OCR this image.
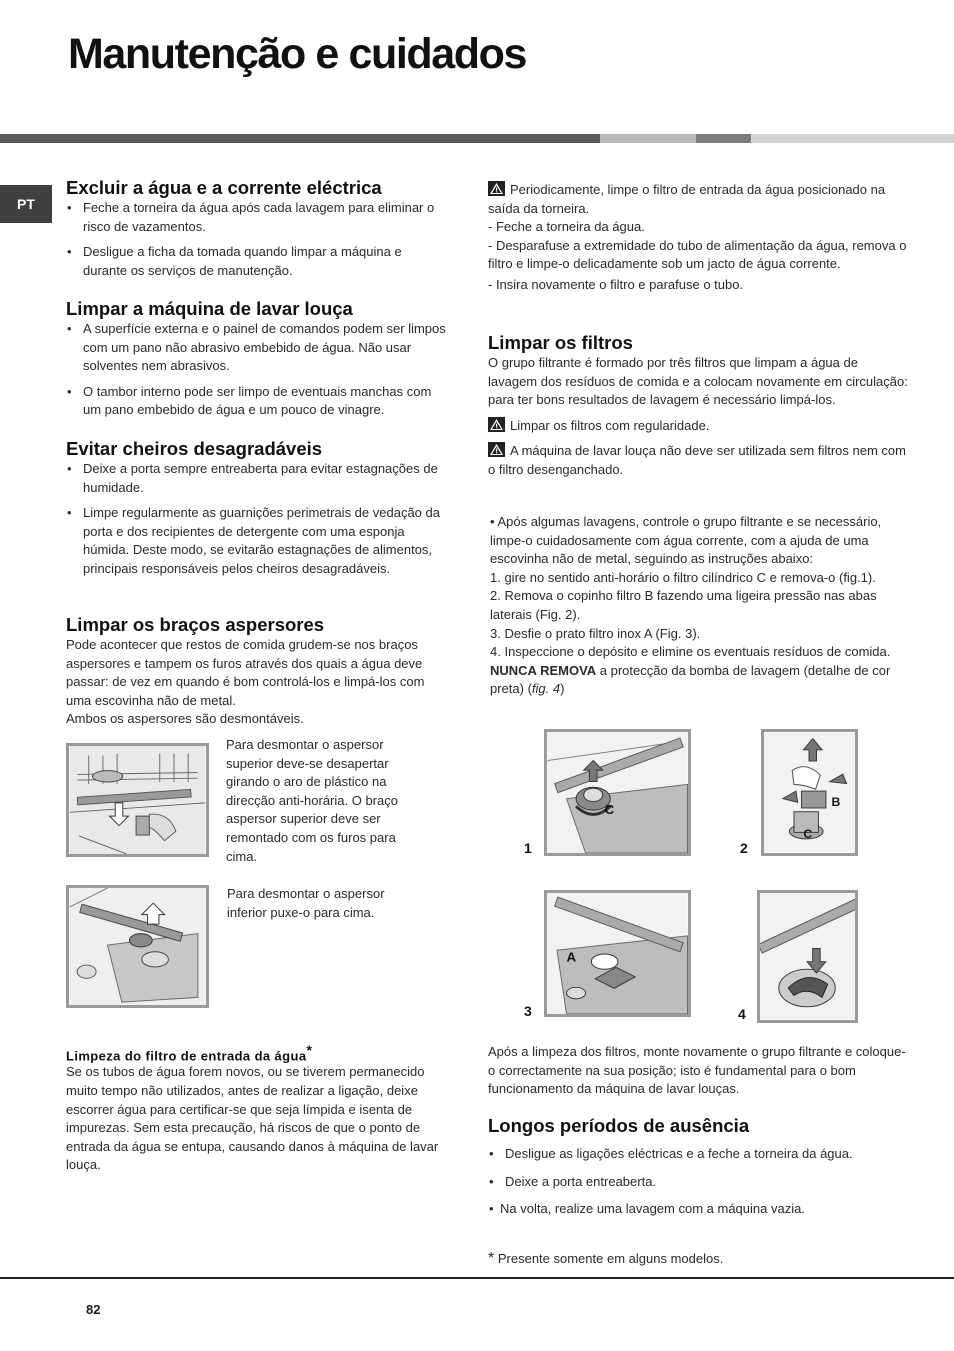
Manutenção e cuidados
PT
Excluir a água e a corrente eléctrica
• Feche a torneira da água após cada lavagem para eliminar o risco de vazamentos.
• Desligue a ficha da tomada quando limpar a máquina e durante os serviços de manutenção.
Limpar a máquina de lavar louça
• A superfície externa e o painel de comandos podem ser limpos com um pano não abrasivo embebido de água. Não usar solventes nem abrasivos.
• O tambor interno pode ser limpo de eventuais manchas com um pano embebido de água e um pouco de vinagre.
Evitar cheiros desagradáveis
• Deixe a porta sempre entreaberta para evitar estagnações de humidade.
• Limpe regularmente as guarnições perimetrais de vedação da porta e dos recipientes de detergente com uma esponja húmida. Deste modo, se evitarão estagnações de alimentos, principais responsáveis pelos cheiros desagradáveis.
Limpar os braços aspersores
Pode acontecer que restos de comida grudem-se nos braços aspersores e tampem os furos através dos quais a água deve passar: de vez em quando é bom controlá-los e limpá-los com uma escovinha não de metal.
Ambos os aspersores são desmontáveis.
Para desmontar o aspersor superior deve-se desapertar girando o aro de plástico na direcção anti-horária. O braço aspersor superior deve ser remontado com os furos para cima.
Para desmontar o aspersor inferior puxe-o para cima.
Limpeza do filtro de entrada da água*
Se os tubos de água forem novos, ou se tiverem permanecido muito tempo não utilizados, antes de realizar a ligação, deixe escorrer água para certificar-se que seja límpida e isenta de impurezas. Sem esta precaução, há riscos de que o ponto de entrada da água se entupa, causando danos à máquina de lavar louça.
Periodicamente, limpe o filtro de entrada da água posicionado na saída da torneira.
- Feche a torneira da água.
- Desparafuse a extremidade do tubo de alimentação da água, remova o filtro e limpe-o delicadamente sob um jacto de água corrente.
- Insira novamente o filtro e parafuse o tubo.
Limpar os filtros
O grupo filtrante é formado por três filtros que limpam a água de lavagem dos resíduos de comida e a colocam novamente em circulação: para ter bons resultados de lavagem é necessário limpá-los.
Limpar os filtros com regularidade.
A máquina de lavar louça não deve ser utilizada sem filtros nem com o filtro desenganchado.
• Após algumas lavagens, controle o grupo filtrante e se necessário, limpe-o cuidadosamente com água corrente, com a ajuda de uma escovinha não de metal, seguindo as instruções abaixo:
1. gire no sentido anti-horário o filtro cilíndrico C e remova-o (fig.1).
2. Remova o copinho filtro B fazendo uma ligeira pressão nas abas laterais (Fig. 2).
3. Desfie o prato filtro inox A (Fig. 3).
4. Inspeccione o depósito e elimine os eventuais resíduos de comida. NUNCA REMOVA a protecção da bomba de lavagem (detalhe de cor preta) (fig. 4)
C
1
B
C
2
A
3	4
Após a limpeza dos filtros, monte novamente o grupo filtrante e coloque-o correctamente na sua posição; isto é fundamental para o bom funcionamento da máquina de lavar louças.
Longos períodos de ausência
• Desligue as ligações eléctricas e a feche a torneira da água.
• Deixe a porta entreaberta.
• Na volta, realize uma lavagem com a máquina vazia.
* Presente somente em alguns modelos.
82
